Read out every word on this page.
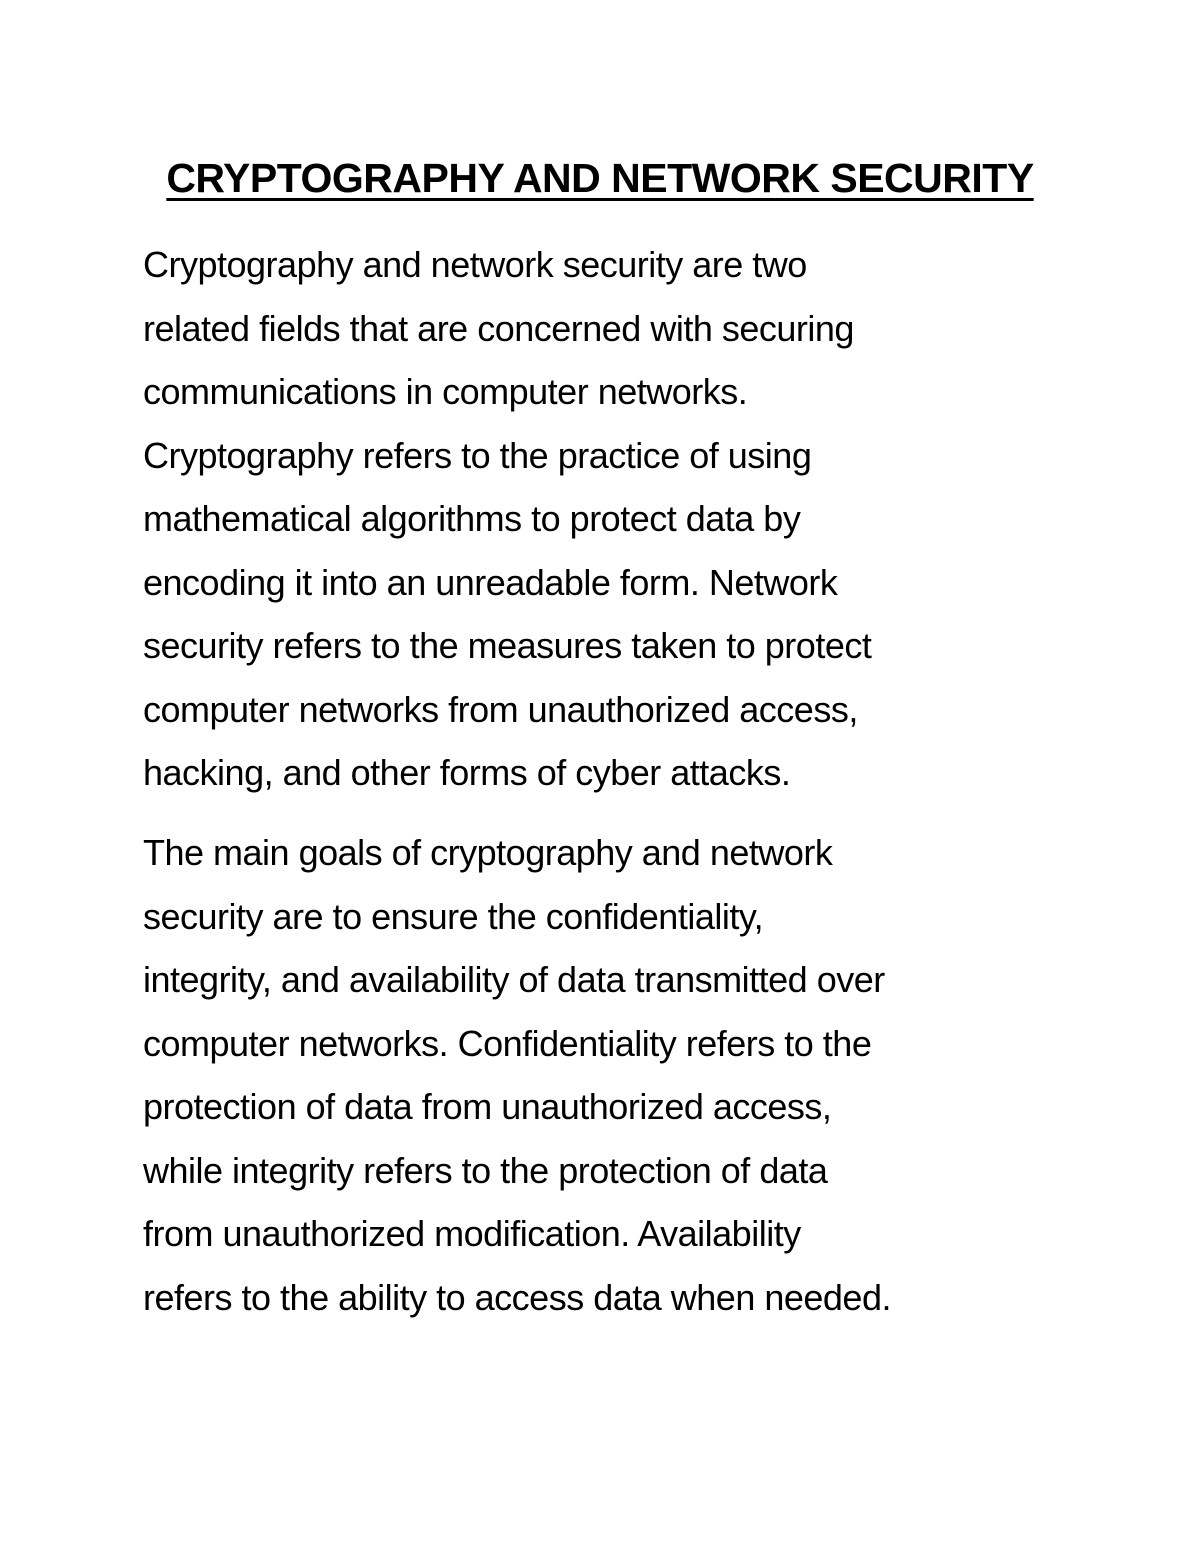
CRYPTOGRAPHY AND NETWORK SECURITY

Cryptography and network security are two
related fields that are concerned with securing
communications in computer networks.
Cryptography refers to the practice of using
mathematical algorithms to protect data by
encoding it into an unreadable form. Network
security refers to the measures taken to protect
computer networks from unauthorized access,
hacking, and other forms of cyber attacks.

The main goals of cryptography and network
security are to ensure the confidentiality,
integrity, and availability of data transmitted over
computer networks. Confidentiality refers to the
protection of data from unauthorized access,
while integrity refers to the protection of data
from unauthorized modification. Availability
refers to the ability to access data when needed.
